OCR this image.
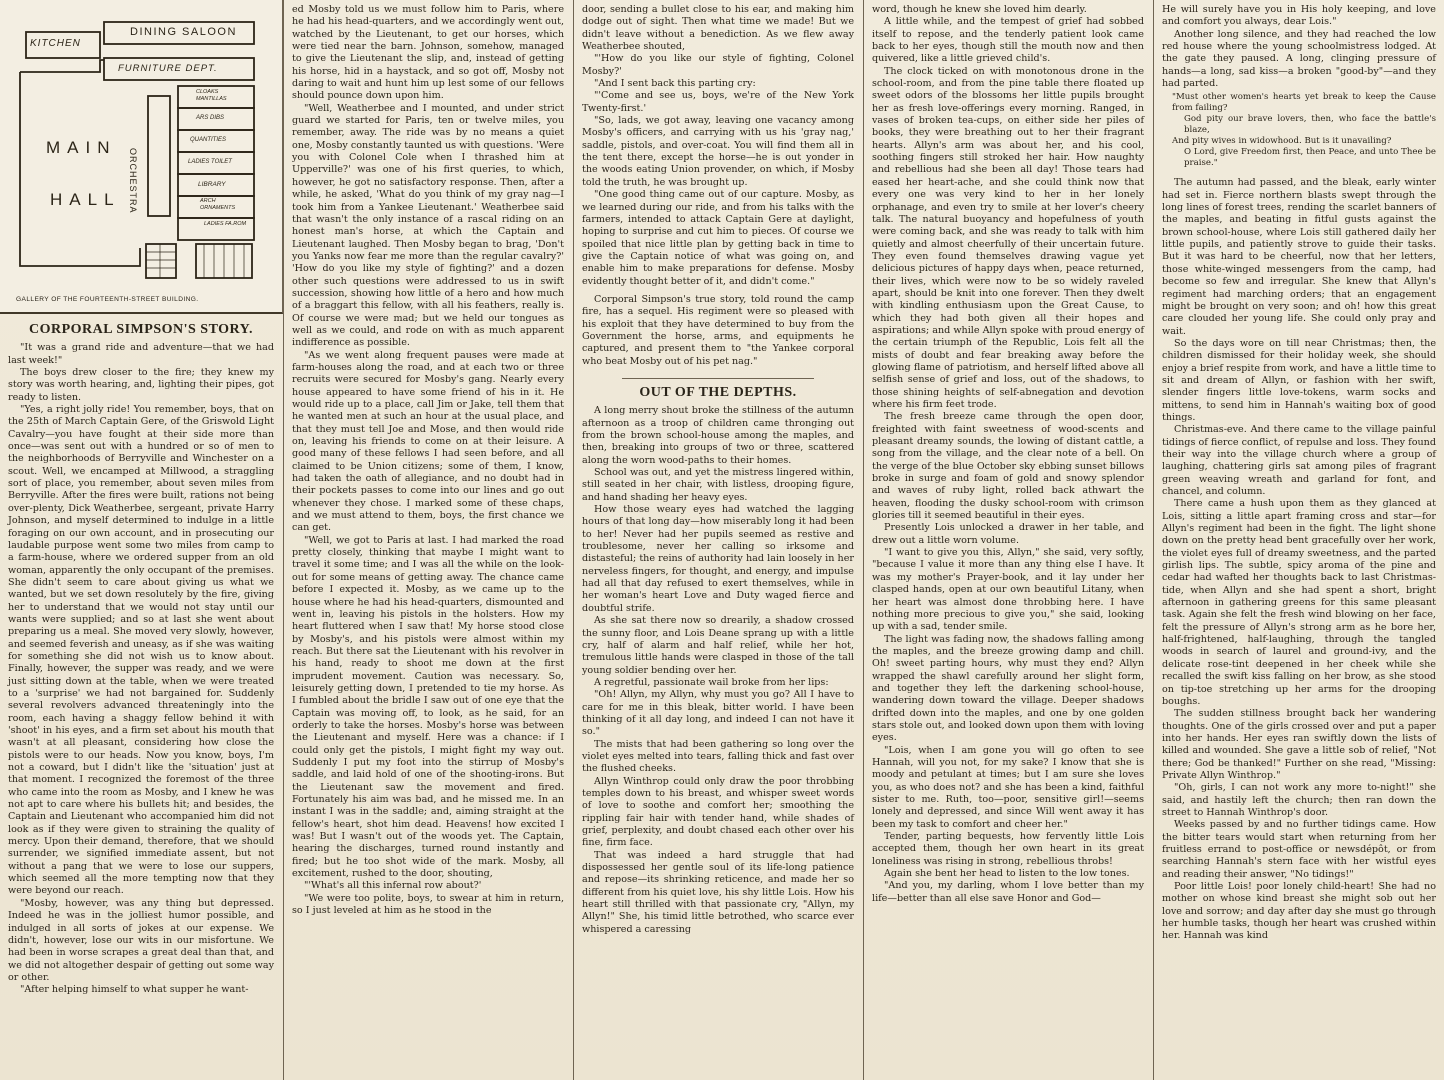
KITCHEN
DINING SALOON
FURNITURE DEPT.
MAIN
HALL ORCHESTRA
CLOAKS MANTILLAS
ARS DIBS
QUANTITIES
LADIES TOILET
LIBRARY
ARCH ORNAMENTS
LADIES FA.ROM
GALLERY OF THE FOURTEENTH-STREET BUILDING.
CORPORAL SIMPSON'S STORY.

"It was a grand ride and adventure—that we had last week!"

The boys drew closer to the fire; they knew my story was worth hearing, and, lighting their pipes, got ready to listen.

"Yes, a right jolly ride! You remember, boys, that on the 25th of March Captain Gere, of the Griswold Light Cavalry—you have fought at their side more than once—was sent out with a hundred or so of men to the neighborhoods of Berryville and Winchester on a scout. Well, we encamped at Millwood, a straggling sort of place, you remember, about seven miles from Berryville. After the fires were built, rations not being over-plenty, Dick Weatherbee, sergeant, private Harry Johnson, and myself determined to indulge in a little foraging on our own account, and in prosecuting our laudable purpose went some two miles from camp to a farm-house, where we ordered supper from an old woman, apparently the only occupant of the premises. She didn't seem to care about giving us what we wanted, but we set down resolutely by the fire, giving her to understand that we would not stay until our wants were supplied; and so at last she went about preparing us a meal. She moved very slowly, however, and seemed feverish and uneasy, as if she was waiting for something she did not wish us to know about. Finally, however, the supper was ready, and we were just sitting down at the table, when we were treated to a 'surprise' we had not bargained for. Suddenly several revolvers advanced threateningly into the room, each having a shaggy fellow behind it with 'shoot' in his eyes, and a firm set about his mouth that wasn't at all pleasant, considering how close the pistols were to our heads. Now you know, boys, I'm not a coward, but I didn't like the 'situation' just at that moment. I recognized the foremost of the three who came into the room as Mosby, and I knew he was not apt to care where his bullets hit; and besides, the Captain and Lieutenant who accompanied him did not look as if they were given to straining the quality of mercy. Upon their demand, therefore, that we should surrender, we signified immediate assent, but not without a pang that we were to lose our suppers, which seemed all the more tempting now that they were beyond our reach.

"Mosby, however, was any thing but depressed. Indeed he was in the jolliest humor possible, and indulged in all sorts of jokes at our expense. We didn't, however, lose our wits in our misfortune. We had been in worse scrapes a great deal than that, and we did not altogether despair of getting out some way or other.

"After helping himself to what supper he want-

ed Mosby told us we must follow him to Paris, where he had his head-quarters, and we accordingly went out, watched by the Lieutenant, to get our horses, which were tied near the barn. Johnson, somehow, managed to give the Lieutenant the slip, and, instead of getting his horse, hid in a haystack, and so got off, Mosby not daring to wait and hunt him up lest some of our fellows should pounce down upon him.

"Well, Weatherbee and I mounted, and under strict guard we started for Paris, ten or twelve miles, you remember, away. The ride was by no means a quiet one, Mosby constantly taunted us with questions. 'Were you with Colonel Cole when I thrashed him at Upperville?' was one of his first queries, to which, however, he got no satisfactory response. Then, after a while, he asked, 'What do you think of my gray nag—I took him from a Yankee Lieutenant.' Weatherbee said that wasn't the only instance of a rascal riding on an honest man's horse, at which the Captain and Lieutenant laughed. Then Mosby began to brag, 'Don't you Yanks now fear me more than the regular cavalry?' 'How do you like my style of fighting?' and a dozen other such questions were addressed to us in swift succession, showing how little of a hero and how much of a braggart this fellow, with all his feathers, really is. Of course we were mad; but we held our tongues as well as we could, and rode on with as much apparent indifference as possible.

"As we went along frequent pauses were made at farm-houses along the road, and at each two or three recruits were secured for Mosby's gang. Nearly every house appeared to have some friend of his in it. He would ride up to a place, call Jim or Jake, tell them that he wanted men at such an hour at the usual place, and that they must tell Joe and Mose, and then would ride on, leaving his friends to come on at their leisure. A good many of these fellows I had seen before, and all claimed to be Union citizens; some of them, I know, had taken the oath of allegiance, and no doubt had in their pockets passes to come into our lines and go out whenever they chose. I marked some of these chaps, and we must attend to them, boys, the first chance we can get.

"Well, we got to Paris at last. I had marked the road pretty closely, thinking that maybe I might want to travel it some time; and I was all the while on the look-out for some means of getting away. The chance came before I expected it. Mosby, as we came up to the house where he had his head-quarters, dismounted and went in, leaving his pistols in the holsters. How my heart fluttered when I saw that! My horse stood close by Mosby's, and his pistols were almost within my reach. But there sat the Lieutenant with his revolver in his hand, ready to shoot me down at the first imprudent movement. Caution was necessary. So, leisurely getting down, I pretended to tie my horse. As I fumbled about the bridle I saw out of one eye that the Captain was moving off, to look, as he said, for an orderly to take the horses. Mosby's horse was between the Lieutenant and myself. Here was a chance: if I could only get the pistols, I might fight my way out. Suddenly I put my foot into the stirrup of Mosby's saddle, and laid hold of one of the shooting-irons. But the Lieutenant saw the movement and fired. Fortunately his aim was bad, and he missed me. In an instant I was in the saddle; and, aiming straight at the fellow's heart, shot him dead. Heavens! how excited I was! But I wasn't out of the woods yet. The Captain, hearing the discharges, turned round instantly and fired; but he too shot wide of the mark. Mosby, all excitement, rushed to the door, shouting,

"'What's all this infernal row about?'

"We were too polite, boys, to swear at him in return, so I just leveled at him as he stood in the

door, sending a bullet close to his ear, and making him dodge out of sight. Then what time we made! But we didn't leave without a benediction. As we flew away Weatherbee shouted,

"'How do you like our style of fighting, Colonel Mosby?'

"And I sent back this parting cry:

"'Come and see us, boys, we're of the New York Twenty-first.'

"So, lads, we got away, leaving one vacancy among Mosby's officers, and carrying with us his 'gray nag,' saddle, pistols, and over-coat. You will find them all in the tent there, except the horse—he is out yonder in the woods eating Union provender, on which, if Mosby told the truth, he was brought up.

"One good thing came out of our capture. Mosby, as we learned during our ride, and from his talks with the farmers, intended to attack Captain Gere at daylight, hoping to surprise and cut him to pieces. Of course we spoiled that nice little plan by getting back in time to give the Captain notice of what was going on, and enable him to make preparations for defense. Mosby evidently thought better of it, and didn't come."

Corporal Simpson's true story, told round the camp fire, has a sequel. His regiment were so pleased with his exploit that they have determined to buy from the Government the horse, arms, and equipments he captured, and present them to "the Yankee corporal who beat Mosby out of his pet nag."

OUT OF THE DEPTHS.

A long merry shout broke the stillness of the autumn afternoon as a troop of children came thronging out from the brown school-house among the maples, and then, breaking into groups of two or three, scattered along the worn wood-paths to their homes.

School was out, and yet the mistress lingered within, still seated in her chair, with listless, drooping figure, and hand shading her heavy eyes.

How those weary eyes had watched the lagging hours of that long day—how miserably long it had been to her! Never had her pupils seemed as restive and troublesome, never her calling so irksome and distasteful; the reins of authority had lain loosely in her nerveless fingers, for thought, and energy, and impulse had all that day refused to exert themselves, while in her woman's heart Love and Duty waged fierce and doubtful strife.

As she sat there now so drearily, a shadow crossed the sunny floor, and Lois Deane sprang up with a little cry, half of alarm and half relief, while her hot, tremulous little hands were clasped in those of the tall young soldier bending over her.

A regretful, passionate wail broke from her lips:

"Oh! Allyn, my Allyn, why must you go? All I have to care for me in this bleak, bitter world. I have been thinking of it all day long, and indeed I can not have it so."

The mists that had been gathering so long over the violet eyes melted into tears, falling thick and fast over the flushed cheeks.

Allyn Winthrop could only draw the poor throbbing temples down to his breast, and whisper sweet words of love to soothe and comfort her; smoothing the rippling fair hair with tender hand, while shades of grief, perplexity, and doubt chased each other over his fine, firm face.

That was indeed a hard struggle that had dispossessed her gentle soul of its life-long patience and repose—its shrinking reticence, and made her so different from his quiet love, his shy little Lois. How his heart still thrilled with that passionate cry, "Allyn, my Allyn!" She, his timid little betrothed, who scarce ever whispered a caressing

word, though he knew she loved him dearly.

A little while, and the tempest of grief had sobbed itself to repose, and the tenderly patient look came back to her eyes, though still the mouth now and then quivered, like a little grieved child's.

The clock ticked on with monotonous drone in the school-room, and from the pine table there floated up sweet odors of the blossoms her little pupils brought her as fresh love-offerings every morning. Ranged, in vases of broken tea-cups, on either side her piles of books, they were breathing out to her their fragrant hearts. Allyn's arm was about her, and his cool, soothing fingers still stroked her hair. How naughty and rebellious had she been all day! Those tears had eased her heart-ache, and she could think now that every one was very kind to her in her lonely orphanage, and even try to smile at her lover's cheery talk. The natural buoyancy and hopefulness of youth were coming back, and she was ready to talk with him quietly and almost cheerfully of their uncertain future. They even found themselves drawing vague yet delicious pictures of happy days when, peace returned, their lives, which were now to be so widely raveled apart, should be knit into one forever. Then they dwelt with kindling enthusiasm upon the Great Cause, to which they had both given all their hopes and aspirations; and while Allyn spoke with proud energy of the certain triumph of the Republic, Lois felt all the mists of doubt and fear breaking away before the glowing flame of patriotism, and herself lifted above all selfish sense of grief and loss, out of the shadows, to those shining heights of self-abnegation and devotion where his firm feet trode.

The fresh breeze came through the open door, freighted with faint sweetness of wood-scents and pleasant dreamy sounds, the lowing of distant cattle, a song from the village, and the clear note of a bell. On the verge of the blue October sky ebbing sunset billows broke in surge and foam of gold and snowy splendor and waves of ruby light, rolled back athwart the heaven, flooding the dusky school-room with crimson glories till it seemed beautiful in their eyes.

Presently Lois unlocked a drawer in her table, and drew out a little worn volume.

"I want to give you this, Allyn," she said, very softly, "because I value it more than any thing else I have. It was my mother's Prayer-book, and it lay under her clasped hands, open at our own beautiful Litany, when her heart was almost done throbbing here. I have nothing more precious to give you," she said, looking up with a sad, tender smile.

The light was fading now, the shadows falling among the maples, and the breeze growing damp and chill. Oh! sweet parting hours, why must they end? Allyn wrapped the shawl carefully around her slight form, and together they left the darkening school-house, wandering down toward the village. Deeper shadows drifted down into the maples, and one by one golden stars stole out, and looked down upon them with loving eyes.

"Lois, when I am gone you will go often to see Hannah, will you not, for my sake? I know that she is moody and petulant at times; but I am sure she loves you, as who does not? and she has been a kind, faithful sister to me. Ruth, too—poor, sensitive girl!—seems lonely and depressed, and since Will went away it has been my task to comfort and cheer her."

Tender, parting bequests, how fervently little Lois accepted them, though her own heart in its great loneliness was rising in strong, rebellious throbs!

Again she bent her head to listen to the low tones.

"And you, my darling, whom I love better than my life—better than all else save Honor and God—

He will surely have you in His holy keeping, and love and comfort you always, dear Lois."

Another long silence, and they had reached the low red house where the young schoolmistress lodged. At the gate they paused. A long, clinging pressure of hands—a long, sad kiss—a broken "good-by"—and they had parted.

"Must other women's hearts yet break to keep the Cause from failing?
God pity our brave lovers, then, who face the battle's blaze,
And pity wives in widowhood. But is it unavailing?
O Lord, give Freedom first, then Peace, and unto Thee be praise."

The autumn had passed, and the bleak, early winter had set in. Fierce northern blasts swept through the long lines of forest trees, rending the scarlet banners of the maples, and beating in fitful gusts against the brown school-house, where Lois still gathered daily her little pupils, and patiently strove to guide their tasks. But it was hard to be cheerful, now that her letters, those white-winged messengers from the camp, had become so few and irregular. She knew that Allyn's regiment had marching orders; that an engagement might be brought on very soon; and oh! how this great care clouded her young life. She could only pray and wait.

So the days wore on till near Christmas; then, the children dismissed for their holiday week, she should enjoy a brief respite from work, and have a little time to sit and dream of Allyn, or fashion with her swift, slender fingers little love-tokens, warm socks and mittens, to send him in Hannah's waiting box of good things.

Christmas-eve. And there came to the village painful tidings of fierce conflict, of repulse and loss. They found their way into the village church where a group of laughing, chattering girls sat among piles of fragrant green weaving wreath and garland for font, and chancel, and column.

There came a hush upon them as they glanced at Lois, sitting a little apart framing cross and star—for Allyn's regiment had been in the fight. The light shone down on the pretty head bent gracefully over her work, the violet eyes full of dreamy sweetness, and the parted girlish lips. The subtle, spicy aroma of the pine and cedar had wafted her thoughts back to last Christmas-tide, when Allyn and she had spent a short, bright afternoon in gathering greens for this same pleasant task. Again she felt the fresh wind blowing on her face, felt the pressure of Allyn's strong arm as he bore her, half-frightened, half-laughing, through the tangled woods in search of laurel and ground-ivy, and the delicate rose-tint deepened in her cheek while she recalled the swift kiss falling on her brow, as she stood on tip-toe stretching up her arms for the drooping boughs.

The sudden stillness brought back her wandering thoughts. One of the girls crossed over and put a paper into her hands. Her eyes ran swiftly down the lists of killed and wounded. She gave a little sob of relief, "Not there; God be thanked!" Further on she read, "Missing: Private Allyn Winthrop."

"Oh, girls, I can not work any more to-night!" she said, and hastily left the church; then ran down the street to Hannah Winthrop's door.

Weeks passed by and no further tidings came. How the bitter tears would start when returning from her fruitless errand to post-office or newsdépôt, or from searching Hannah's stern face with her wistful eyes and reading their answer, "No tidings!"

Poor little Lois! poor lonely child-heart! She had no mother on whose kind breast she might sob out her love and sorrow; and day after day she must go through her humble tasks, though her heart was crushed within her. Hannah was kind
